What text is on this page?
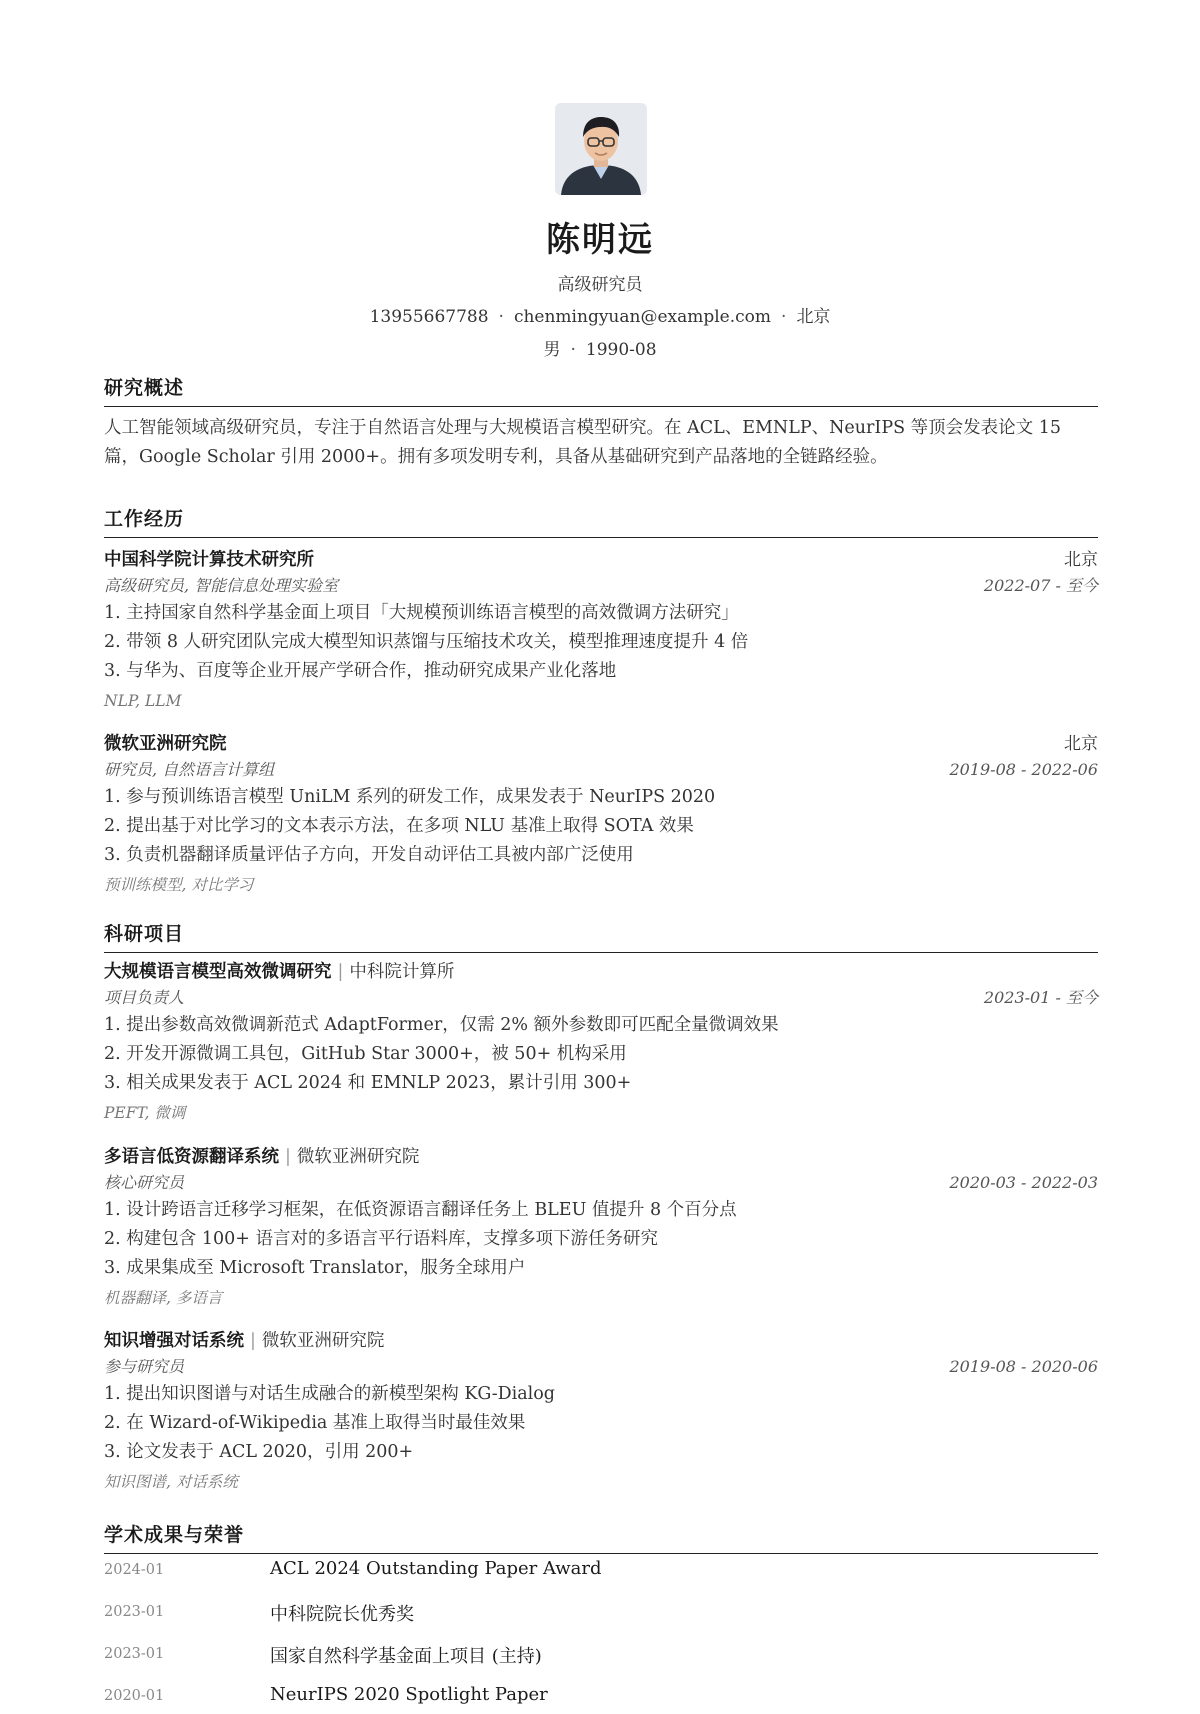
陈明远
高级研究员
13955667788 · chenmingyuan@example.com · 北京
男 · 1990-08
研究概述
人工智能领域高级研究员，专注于自然语言处理与大规模语言模型研究。在 ACL、EMNLP、NeurIPS 等顶会发表论文 15
篇，Google Scholar 引用 2000+。拥有多项发明专利，具备从基础研究到产品落地的全链路经验。
工作经历
中国科学院计算技术研究所	北京
高级研究员, 智能信息处理实验室	2022-07 - 至今
1. 主持国家自然科学基金面上项目「大规模预训练语言模型的高效微调方法研究」
2. 带领 8 人研究团队完成大模型知识蒸馏与压缩技术攻关，模型推理速度提升 4 倍
3. 与华为、百度等企业开展产学研合作，推动研究成果产业化落地
NLP, LLM
微软亚洲研究院	北京
研究员, 自然语言计算组	2019-08 - 2022-06
1. 参与预训练语言模型 UniLM 系列的研发工作，成果发表于 NeurIPS 2020
2. 提出基于对比学习的文本表示方法，在多项 NLU 基准上取得 SOTA 效果
3. 负责机器翻译质量评估子方向，开发自动评估工具被内部广泛使用
预训练模型, 对比学习
科研项目
大规模语言模型高效微调研究 | 中科院计算所
项目负责人	2023-01 - 至今
1. 提出参数高效微调新范式 AdaptFormer，仅需 2% 额外参数即可匹配全量微调效果
2. 开发开源微调工具包，GitHub Star 3000+，被 50+ 机构采用
3. 相关成果发表于 ACL 2024 和 EMNLP 2023，累计引用 300+
PEFT, 微调
多语言低资源翻译系统 | 微软亚洲研究院
核心研究员	2020-03 - 2022-03
1. 设计跨语言迁移学习框架，在低资源语言翻译任务上 BLEU 值提升 8 个百分点
2. 构建包含 100+ 语言对的多语言平行语料库，支撑多项下游任务研究
3. 成果集成至 Microsoft Translator，服务全球用户
机器翻译, 多语言
知识增强对话系统 | 微软亚洲研究院
参与研究员	2019-08 - 2020-06
1. 提出知识图谱与对话生成融合的新模型架构 KG-Dialog
2. 在 Wizard-of-Wikipedia 基准上取得当时最佳效果
3. 论文发表于 ACL 2020，引用 200+
知识图谱, 对话系统
学术成果与荣誉
2024-01	ACL 2024 Outstanding Paper Award
2023-01	中科院院长优秀奖
2023-01	国家自然科学基金面上项目 (主持)
2020-01	NeurIPS 2020 Spotlight Paper
